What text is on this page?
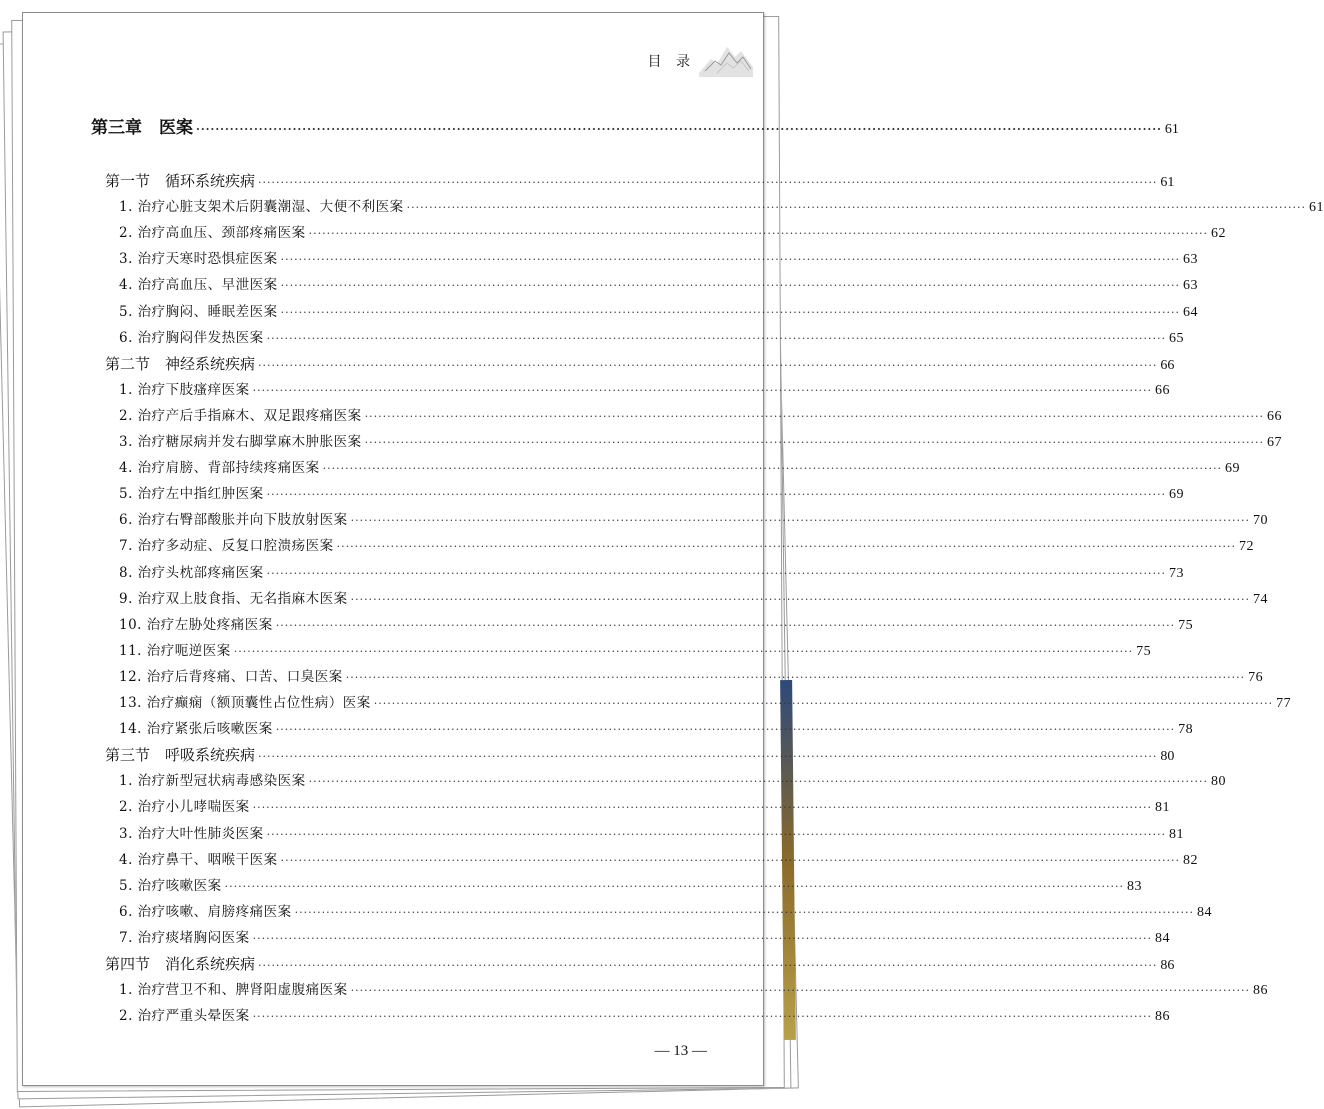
目 录
第三章　医案 ········································································································································································································ 61
第一节　循环系统疾病 ········································································································································································································ 61
1. 治疗心脏支架术后阴囊潮湿、大便不利医案 ········································································································································································································ 61
2. 治疗高血压、颈部疼痛医案 ········································································································································································································ 62
3. 治疗天寒时恐惧症医案 ········································································································································································································ 63
4. 治疗高血压、早泄医案 ········································································································································································································ 63
5. 治疗胸闷、睡眠差医案 ········································································································································································································ 64
6. 治疗胸闷伴发热医案 ········································································································································································································ 65
第二节　神经系统疾病 ········································································································································································································ 66
1. 治疗下肢瘙痒医案 ········································································································································································································ 66
2. 治疗产后手指麻木、双足跟疼痛医案 ········································································································································································································ 66
3. 治疗糖尿病并发右脚掌麻木肿胀医案 ········································································································································································································ 67
4. 治疗肩膀、背部持续疼痛医案 ········································································································································································································ 69
5. 治疗左中指红肿医案 ········································································································································································································ 69
6. 治疗右臀部酸胀并向下肢放射医案 ········································································································································································································ 70
7. 治疗多动症、反复口腔溃疡医案 ········································································································································································································ 72
8. 治疗头枕部疼痛医案 ········································································································································································································ 73
9. 治疗双上肢食指、无名指麻木医案 ········································································································································································································ 74
10. 治疗左胁处疼痛医案 ········································································································································································································ 75
11. 治疗呃逆医案 ········································································································································································································ 75
12. 治疗后背疼痛、口苦、口臭医案 ········································································································································································································ 76
13. 治疗癫痫（额顶囊性占位性病）医案 ········································································································································································································ 77
14. 治疗紧张后咳嗽医案 ········································································································································································································ 78
第三节　呼吸系统疾病 ········································································································································································································ 80
1. 治疗新型冠状病毒感染医案 ········································································································································································································ 80
2. 治疗小儿哮喘医案 ········································································································································································································ 81
3. 治疗大叶性肺炎医案 ········································································································································································································ 81
4. 治疗鼻干、咽喉干医案 ········································································································································································································ 82
5. 治疗咳嗽医案 ········································································································································································································ 83
6. 治疗咳嗽、肩膀疼痛医案 ········································································································································································································ 84
7. 治疗痰堵胸闷医案 ········································································································································································································ 84
第四节　消化系统疾病 ········································································································································································································ 86
1. 治疗营卫不和、脾肾阳虚腹痛医案 ········································································································································································································ 86
2. 治疗严重头晕医案 ········································································································································································································ 86
— 13 —
